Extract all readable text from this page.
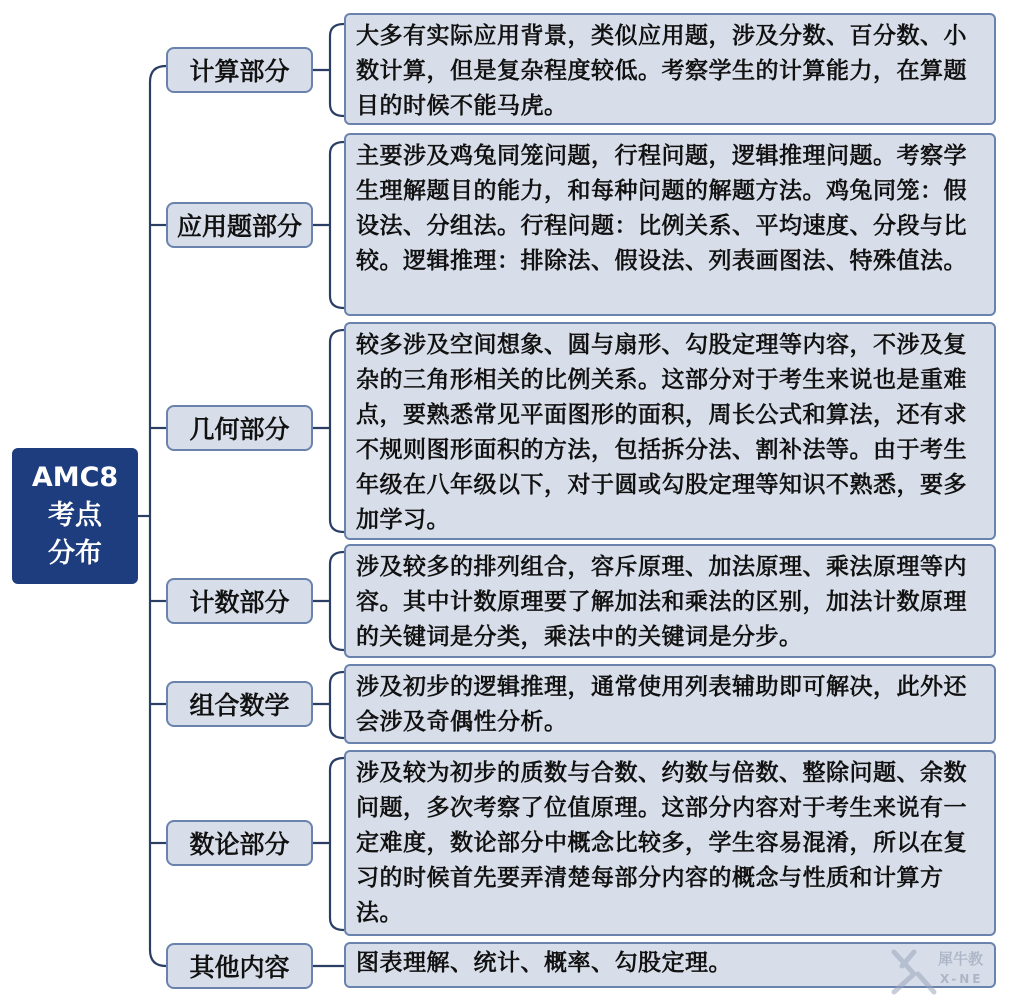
AMC8
考点
分布
计算部分
应用题部分
几何部分
计数部分
组合数学
数论部分
其他内容
大多有实际应用背景，类似应用题，涉及分数、百分数、小数计算，但是复杂程度较低。考察学生的计算能力，在算题目的时候不能马虎。
主要涉及鸡兔同笼问题，行程问题，逻辑推理问题。考察学生理解题目的能力，和每种问题的解题方法。鸡兔同笼：假设法、分组法。行程问题：比例关系、平均速度、分段与比较。逻辑推理：排除法、假设法、列表画图法、特殊值法。
较多涉及空间想象、圆与扇形、勾股定理等内容，不涉及复杂的三角形相关的比例关系。这部分对于考生来说也是重难点，要熟悉常见平面图形的面积，周长公式和算法，还有求不规则图形面积的方法，包括拆分法、割补法等。由于考生年级在八年级以下，对于圆或勾股定理等知识不熟悉，要多加学习。
涉及较多的排列组合，容斥原理、加法原理、乘法原理等内容。其中计数原理要了解加法和乘法的区别，加法计数原理的关键词是分类，乘法中的关键词是分步。
涉及初步的逻辑推理，通常使用列表辅助即可解决，此外还会涉及奇偶性分析。
涉及较为初步的质数与合数、约数与倍数、整除问题、余数问题，多次考察了位值原理。这部分内容对于考生来说有一定难度，数论部分中概念比较多，学生容易混淆，所以在复习的时候首先要弄清楚每部分内容的概念与性质和计算方法。
图表理解、统计、概率、勾股定理。	犀牛教
X-NE
